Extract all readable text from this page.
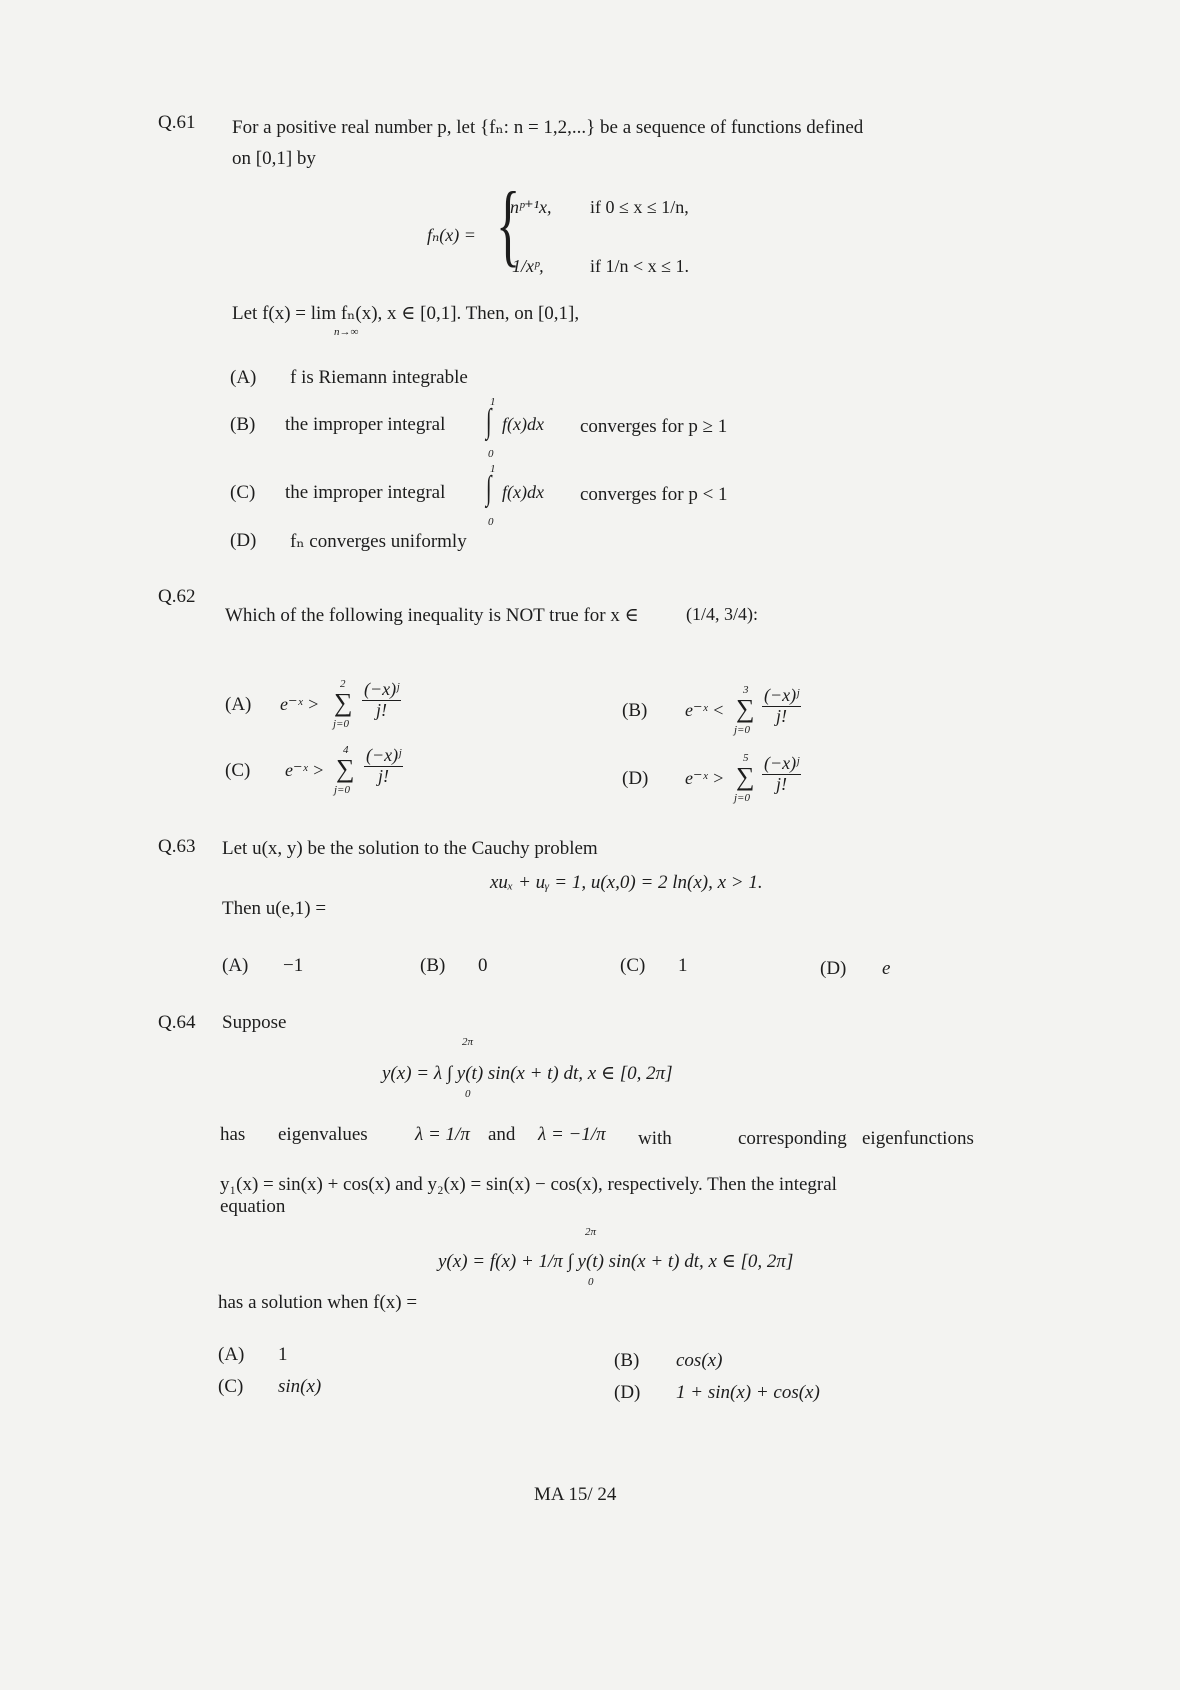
Q.61 For a positive real number p, let {fₙ: n = 1,2,...} be a sequence of functions defined
on [0,1] by
fₙ(x) = {
nᵖ⁺¹x, if 0 ≤ x ≤ 1/n,
1/xᵖ,	if 1/n < x ≤ 1.
Let f(x) = lim fₙ(x), x ∈ [0,1]. Then, on [0,1],
n→∞
(A) f is Riemann integrable
(B) the improper integral
1
∫
0
f(x)dx converges for p ≥ 1
(C) the improper integral
1
∫
0
f(x)dx converges for p < 1
(D) fₙ converges uniformly
Q.62
Which of the following inequality is NOT true for x ∈	(1/4, 3/4):
(A) e⁻ˣ >
2
∑
j=0
$\frac{\text{(−x)ʲ}}{j!}$	(B) e⁻ˣ <
3
∑
j=0
$\frac{\text{(−x)ʲ}}{j!}$
(C) e⁻ˣ >
4
∑
j=0
$\frac{\text{(−x)ʲ}}{j!}$	(D) e⁻ˣ >
5
∑
j=0
$\frac{\text{(−x)ʲ}}{j!}$
Q.63 Let u(x, y) be the solution to the Cauchy problem
xuₓ + uᵧ = 1, u(x,0) = 2 ln(x), x > 1.
Then u(e,1) =
(A) −1	(B) 0	(C) 1	(D) e
Q.64 Suppose
2π
0
y(x) = λ ∫ y(t) sin(x + t) dt, x ∈ [0, 2π]
has eigenvalues λ = 1/π and λ = −1/π with	corresponding eigenfunctions
y₁(x) = sin(x) + cos(x) and y₂(x) = sin(x) − cos(x), respectively. Then the integral
equation
2π
0
y(x) = f(x) + 1/π ∫ y(t) sin(x + t) dt, x ∈ [0, 2π]
has a solution when f(x) =
(A) 1	(B) cos(x)
(C) sin(x)	(D) 1 + sin(x) + cos(x)
MA 15/ 24
